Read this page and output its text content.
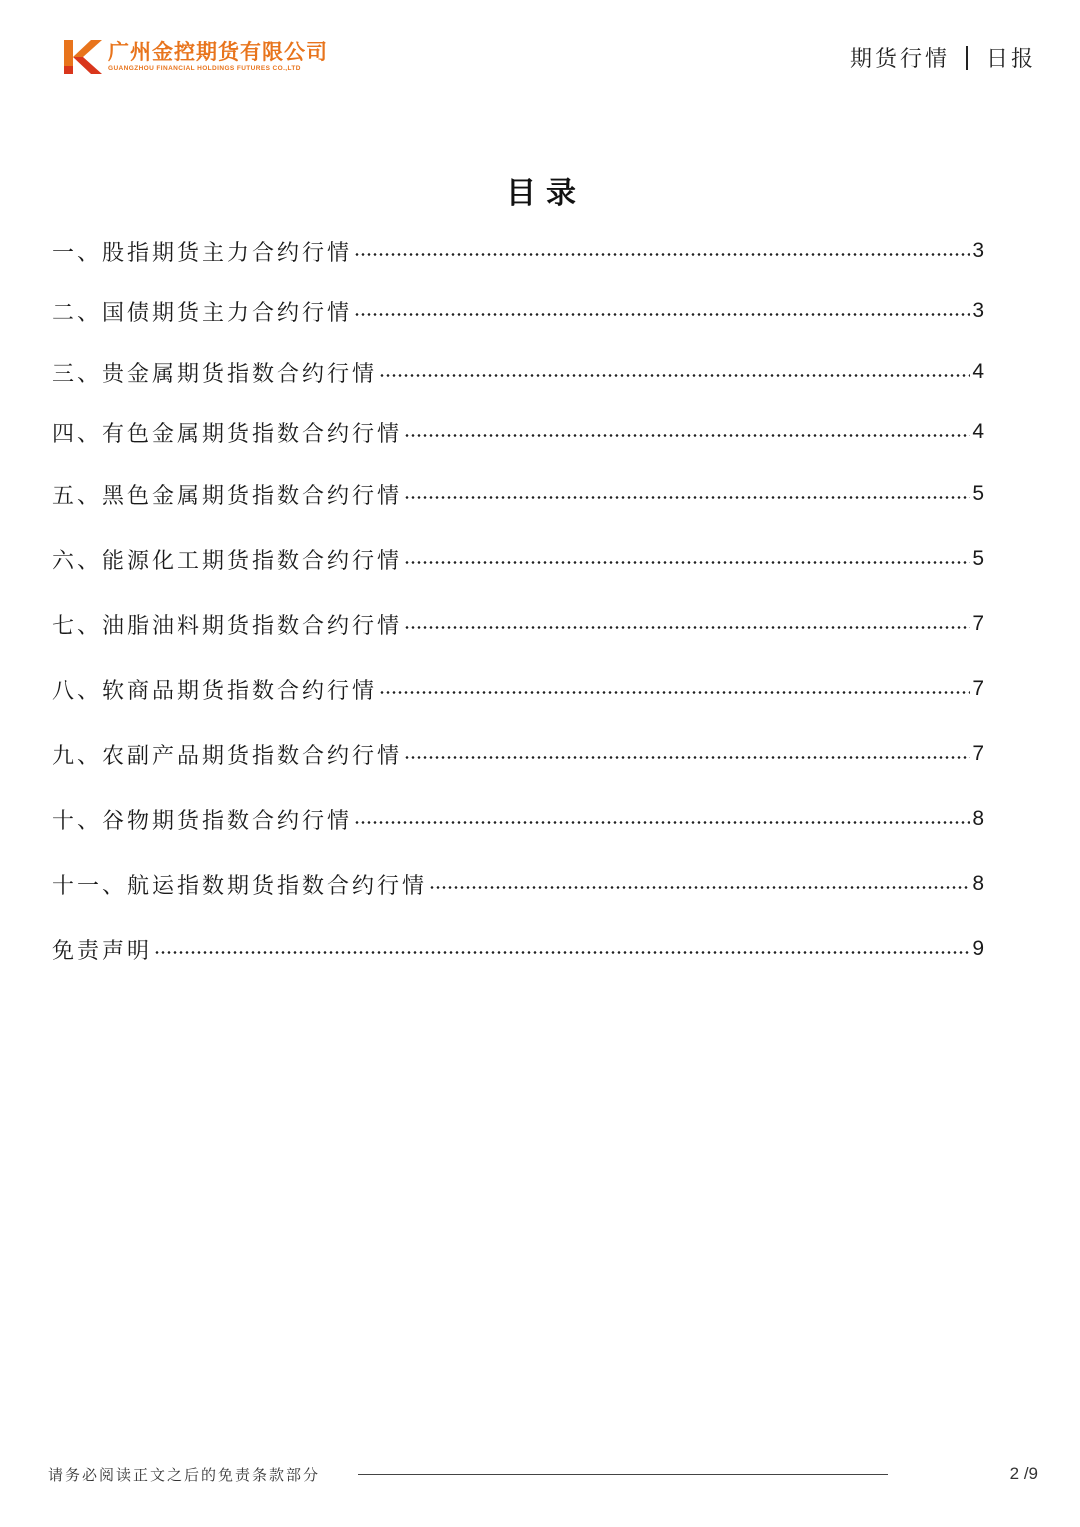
广州金控期货有限公司
GUANGZHOU FINANCIAL HOLDINGS FUTURES CO.,LTD	期货行情 日报
目录
一、股指期货主力合约行情	3
二、国债期货主力合约行情	3
三、贵金属期货指数合约行情	4
四、有色金属期货指数合约行情	4
五、黑色金属期货指数合约行情	5
六、能源化工期货指数合约行情	5
七、油脂油料期货指数合约行情	7
八、软商品期货指数合约行情	7
九、农副产品期货指数合约行情	7
十、谷物期货指数合约行情	8
十一、航运指数期货指数合约行情	8
免责声明	9
请务必阅读正文之后的免责条款部分	2 /9
